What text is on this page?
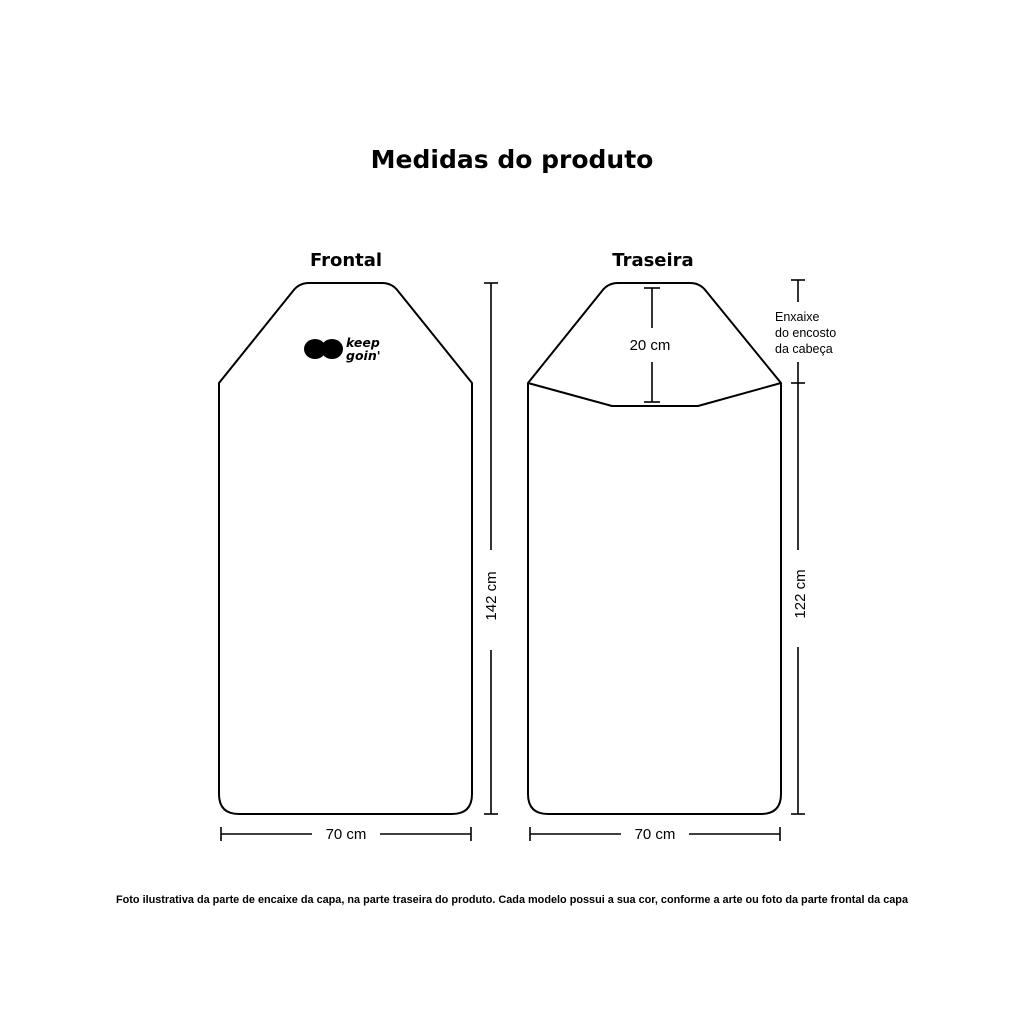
Medidas do produto
Frontal
keep
goin'
142 cm
70 cm
Traseira
20 cm
Enxaixe
do encosto
da cabeça
122 cm
70 cm
Foto ilustrativa da parte de encaixe da capa, na parte traseira do produto. Cada modelo possui a sua cor, conforme a arte ou foto da parte frontal da capa
